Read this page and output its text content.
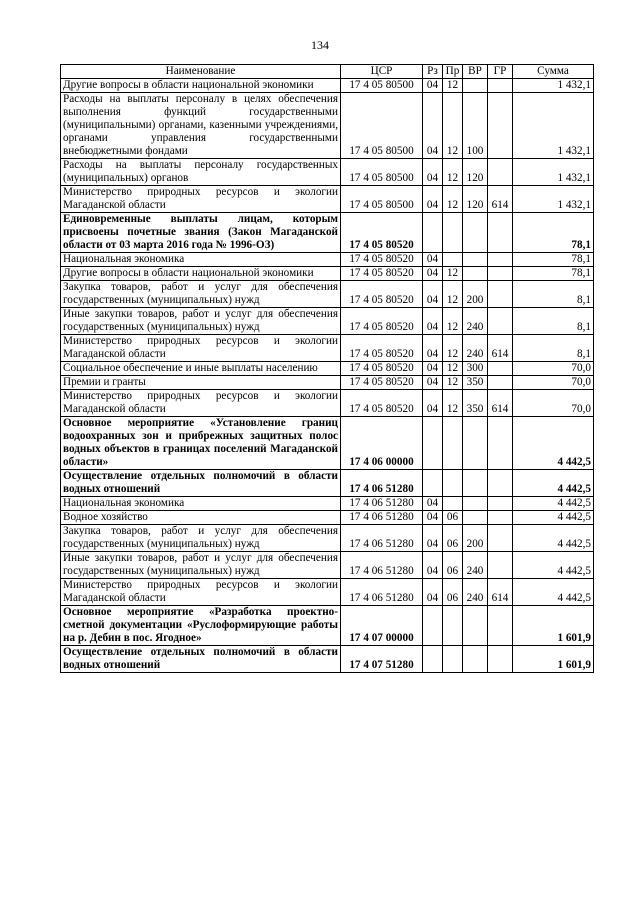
134
Наименование	ЦСР	Рз	Пр	ВР	ГР	Сумма
Другие вопросы в области национальной экономики	17 4 05 80500	04	12			1 432,1
Расходы на выплаты персоналу в целях обеспечения выполнения функций государственными (муниципальными) органами, казенными учреждениями, органами управления государственными внебюджетными фондами	17 4 05 80500	04	12	100		1 432,1
Расходы на выплаты персоналу государственных (муниципальных) органов	17 4 05 80500	04	12	120		1 432,1
Министерство природных ресурсов и экологии Магаданской области	17 4 05 80500	04	12	120	614	1 432,1
Единовременные выплаты лицам, которым присвоены почетные звания (Закон Магаданской области от 03 марта 2016 года № 1996-ОЗ)	17 4 05 80520					78,1
Национальная экономика	17 4 05 80520	04				78,1
Другие вопросы в области национальной экономики	17 4 05 80520	04	12			78,1
Закупка товаров, работ и услуг для обеспечения государственных (муниципальных) нужд	17 4 05 80520	04	12	200		8,1
Иные закупки товаров, работ и услуг для обеспечения государственных (муниципальных) нужд	17 4 05 80520	04	12	240		8,1
Министерство природных ресурсов и экологии Магаданской области	17 4 05 80520	04	12	240	614	8,1
Социальное обеспечение и иные выплаты населению	17 4 05 80520	04	12	300		70,0
Премии и гранты	17 4 05 80520	04	12	350		70,0
Министерство природных ресурсов и экологии Магаданской области	17 4 05 80520	04	12	350	614	70,0
Основное мероприятие «Установление границ водоохранных зон и прибрежных защитных полос водных объектов в границах поселений Магаданской области»	17 4 06 00000					4 442,5
Осуществление отдельных полномочий в области водных отношений	17 4 06 51280					4 442,5
Национальная экономика	17 4 06 51280	04				4 442,5
Водное хозяйство	17 4 06 51280	04	06			4 442,5
Закупка товаров, работ и услуг для обеспечения государственных (муниципальных) нужд	17 4 06 51280	04	06	200		4 442,5
Иные закупки товаров, работ и услуг для обеспечения государственных (муниципальных) нужд	17 4 06 51280	04	06	240		4 442,5
Министерство природных ресурсов и экологии Магаданской области	17 4 06 51280	04	06	240	614	4 442,5
Основное мероприятие «Разработка проектно-сметной документации «Руслоформирующие работы на р. Дебин в пос. Ягодное»	17 4 07 00000					1 601,9
Осуществление отдельных полномочий в области водных отношений	17 4 07 51280					1 601,9
